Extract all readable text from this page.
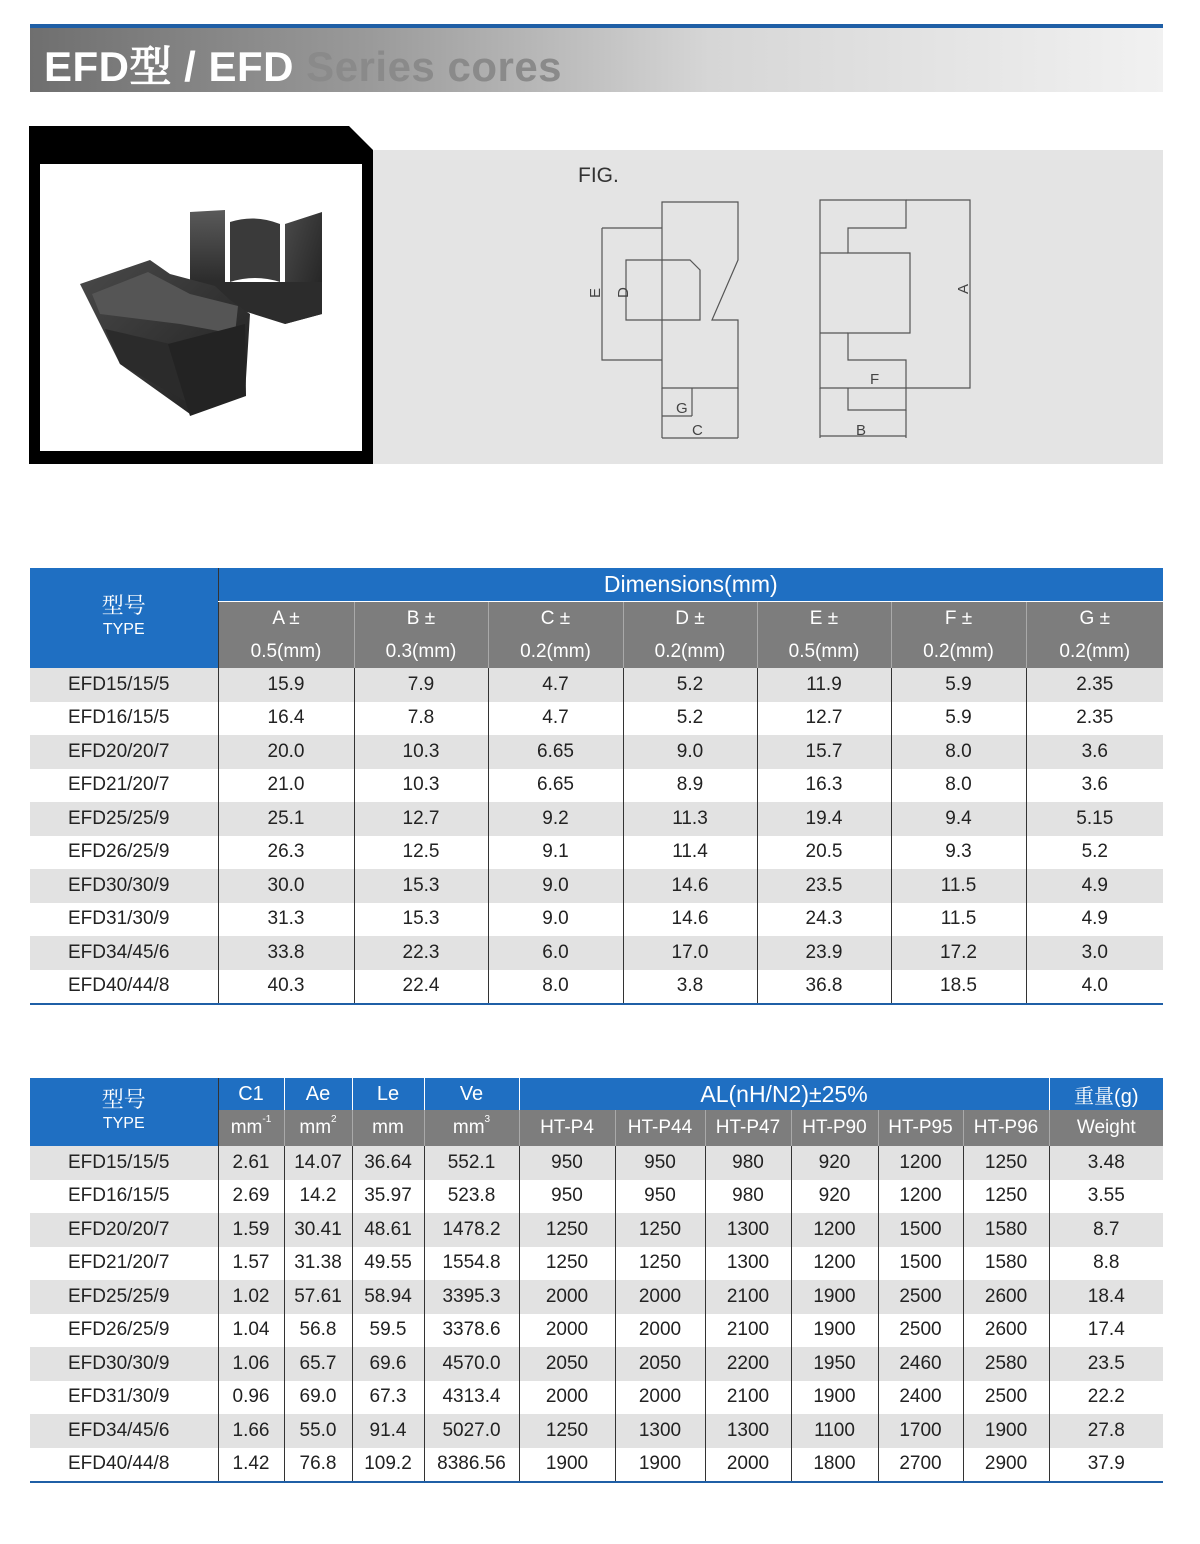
EFD型 / EFD Series cores
FIG.
E D	A
G
C
F
B
型号
TYPE	Dimensions(mm)						
	A ±	B ±	C ±	D ±	E ±	F ±	G ±
	0.5(mm)	0.3(mm)	0.2(mm)	0.2(mm)	0.5(mm)	0.2(mm)	0.2(mm)
EFD15/15/5	15.9	7.9	4.7	5.2	11.9	5.9	2.35
EFD16/15/5	16.4	7.8	4.7	5.2	12.7	5.9	2.35
EFD20/20/7	20.0	10.3	6.65	9.0	15.7	8.0	3.6
EFD21/20/7	21.0	10.3	6.65	8.9	16.3	8.0	3.6
EFD25/25/9	25.1	12.7	9.2	11.3	19.4	9.4	5.15
EFD26/25/9	26.3	12.5	9.1	11.4	20.5	9.3	5.2
EFD30/30/9	30.0	15.3	9.0	14.6	23.5	11.5	4.9
EFD31/30/9	31.3	15.3	9.0	14.6	24.3	11.5	4.9
EFD34/45/6	33.8	22.3	6.0	17.0	23.9	17.2	3.0
EFD40/44/8	40.3	22.4	8.0	3.8	36.8	18.5	4.0
型号
TYPE	C1	Ae	Le	Ve	AL(nH/N2)±25%						重量(g)
	$mm^{-1}$	$mm^2$	mm	$mm^3$	HT-P4	HT-P44	HT-P47	HT-P90	HT-P95	HT-P96	Weight
EFD15/15/5	2.61	14.07	36.64	552.1	950	950	980	920	1200	1250	3.48
EFD16/15/5	2.69	14.2	35.97	523.8	950	950	980	920	1200	1250	3.55
EFD20/20/7	1.59	30.41	48.61	1478.2	1250	1250	1300	1200	1500	1580	8.7
EFD21/20/7	1.57	31.38	49.55	1554.8	1250	1250	1300	1200	1500	1580	8.8
EFD25/25/9	1.02	57.61	58.94	3395.3	2000	2000	2100	1900	2500	2600	18.4
EFD26/25/9	1.04	56.8	59.5	3378.6	2000	2000	2100	1900	2500	2600	17.4
EFD30/30/9	1.06	65.7	69.6	4570.0	2050	2050	2200	1950	2460	2580	23.5
EFD31/30/9	0.96	69.0	67.3	4313.4	2000	2000	2100	1900	2400	2500	22.2
EFD34/45/6	1.66	55.0	91.4	5027.0	1250	1300	1300	1100	1700	1900	27.8
EFD40/44/8	1.42	76.8	109.2	8386.56	1900	1900	2000	1800	2700	2900	37.9
